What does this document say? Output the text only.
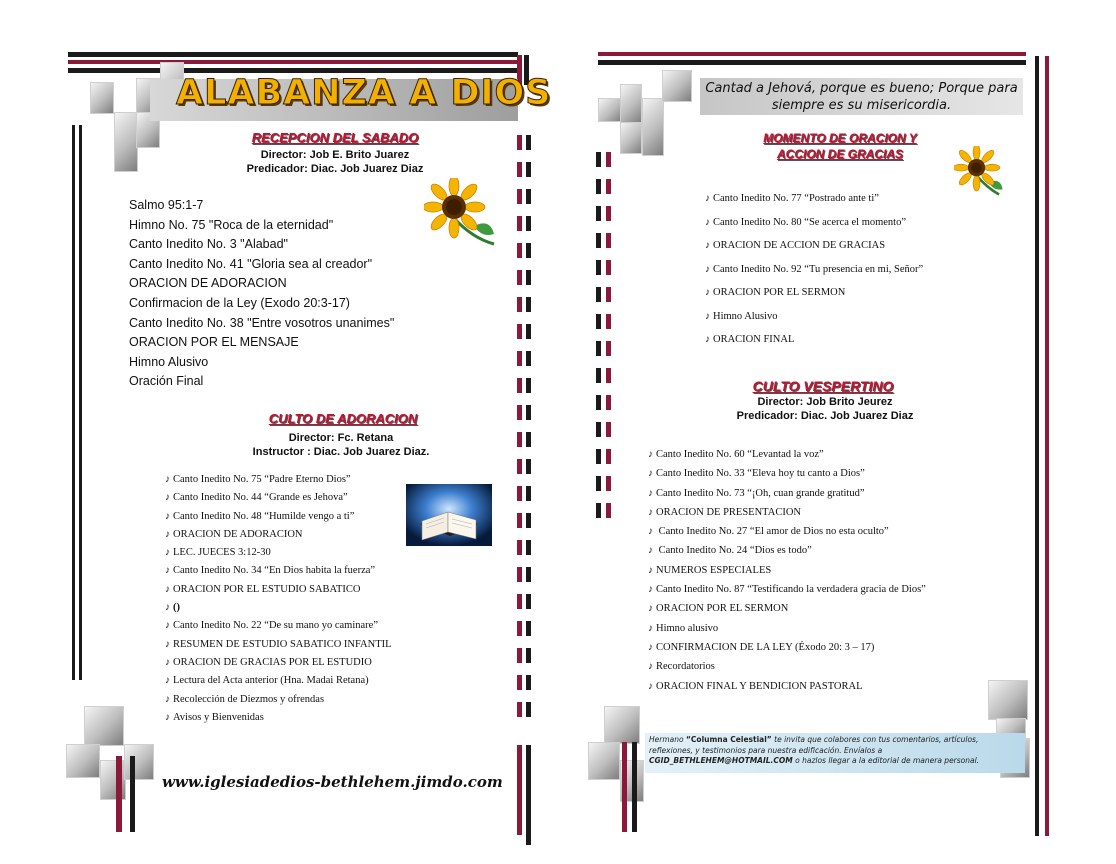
ALABANZA A DIOS
RECEPCION DEL SABADO
Director: Job E. Brito Juarez
Predicador: Diac. Job Juarez Diaz
Salmo 95:1-7
Himno No. 75 "Roca de la eternidad"
Canto Inedito No. 3 "Alabad"
Canto Inedito No. 41 "Gloria sea al creador"
ORACION DE ADORACION
Confirmacion de la Ley (Exodo 20:3-17)
Canto Inedito No. 38 "Entre vosotros unanimes"
ORACION POR EL MENSAJE
Himno Alusivo
Oración Final
CULTO DE ADORACION
Director: Fc. Retana
Instructor : Diac. Job Juarez Diaz.
♪ Canto Inedito No. 75 “Padre Eterno Dios”
♪ Canto Inedito No. 44 “Grande es Jehova”
♪ Canto Inedito No. 48 “Humilde vengo a ti”
♪ ORACION DE ADORACION
♪ LEC. JUECES 3:12-30
♪ Canto Inedito No. 34 “En Dios habita la fuerza”
♪ ORACION POR EL ESTUDIO SABATICO
♪ ()
♪ Canto Inedito No. 22 “De su mano yo caminare”
♪ RESUMEN DE ESTUDIO SABATICO INFANTIL
♪ ORACION DE GRACIAS POR EL ESTUDIO
♪ Lectura del Acta anterior (Hna. Madai Retana)
♪ Recolección de Diezmos y ofrendas
♪ Avisos y Bienvenidas
www.iglesiadedios-bethlehem.jimdo.com
Cantad a Jehová, porque es bueno; Porque para siempre es su misericordia.
MOMENTO DE ORACION Y
ACCION DE GRACIAS
♪ Canto Inedito No. 77 “Postrado ante ti”
♪ Canto Inedito No. 80 “Se acerca el momento”
♪ ORACION DE ACCION DE GRACIAS
♪ Canto Inedito No. 92 “Tu presencia en mi, Señor”
♪ ORACION POR EL SERMON
♪ Himno Alusivo
♪ ORACION FINAL
CULTO VESPERTINO
Director: Job Brito Jeurez
Predicador: Diac. Job Juarez Diaz
♪ Canto Inedito No. 60 “Levantad la voz”
♪ Canto Inedito No. 33 “Eleva hoy tu canto a Dios”
♪ Canto Inedito No. 73 “¡Oh, cuan grande gratitud”
♪ ORACION DE PRESENTACION
♪ Canto Inedito No. 27 “El amor de Dios no esta oculto”
♪ Canto Inedito No. 24 “Dios es todo”
♪ NUMEROS ESPECIALES
♪ Canto Inedito No. 87 “Testificando la verdadera gracia de Dios”
♪ ORACION POR EL SERMON
♪ Himno alusivo
♪ CONFIRMACION DE LA LEY (Éxodo 20: 3 – 17)
♪ Recordatorios
♪ ORACION FINAL Y BENDICION PASTORAL
Hermano “Columna Celestial” te invita que colabores con tus comentarios, artículos, reflexiones, y testimonios para nuestra edificación. Envíalos a CGID_BETHLEHEM@HOTMAIL.COM o hazlos llegar a la editorial de manera personal.
